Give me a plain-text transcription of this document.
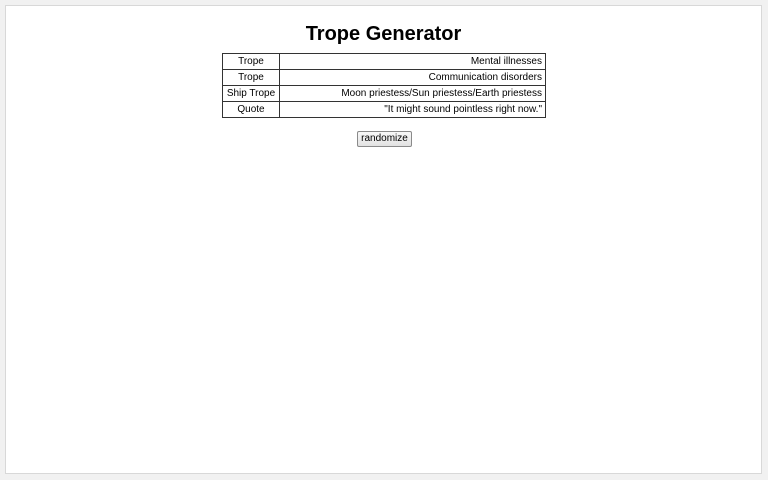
Trope Generator
Trope	Mental illnesses
Trope	Communication disorders
Ship Trope	Moon priestess/Sun priestess/Earth priestess
Quote	"It might sound pointless right now."
randomize
